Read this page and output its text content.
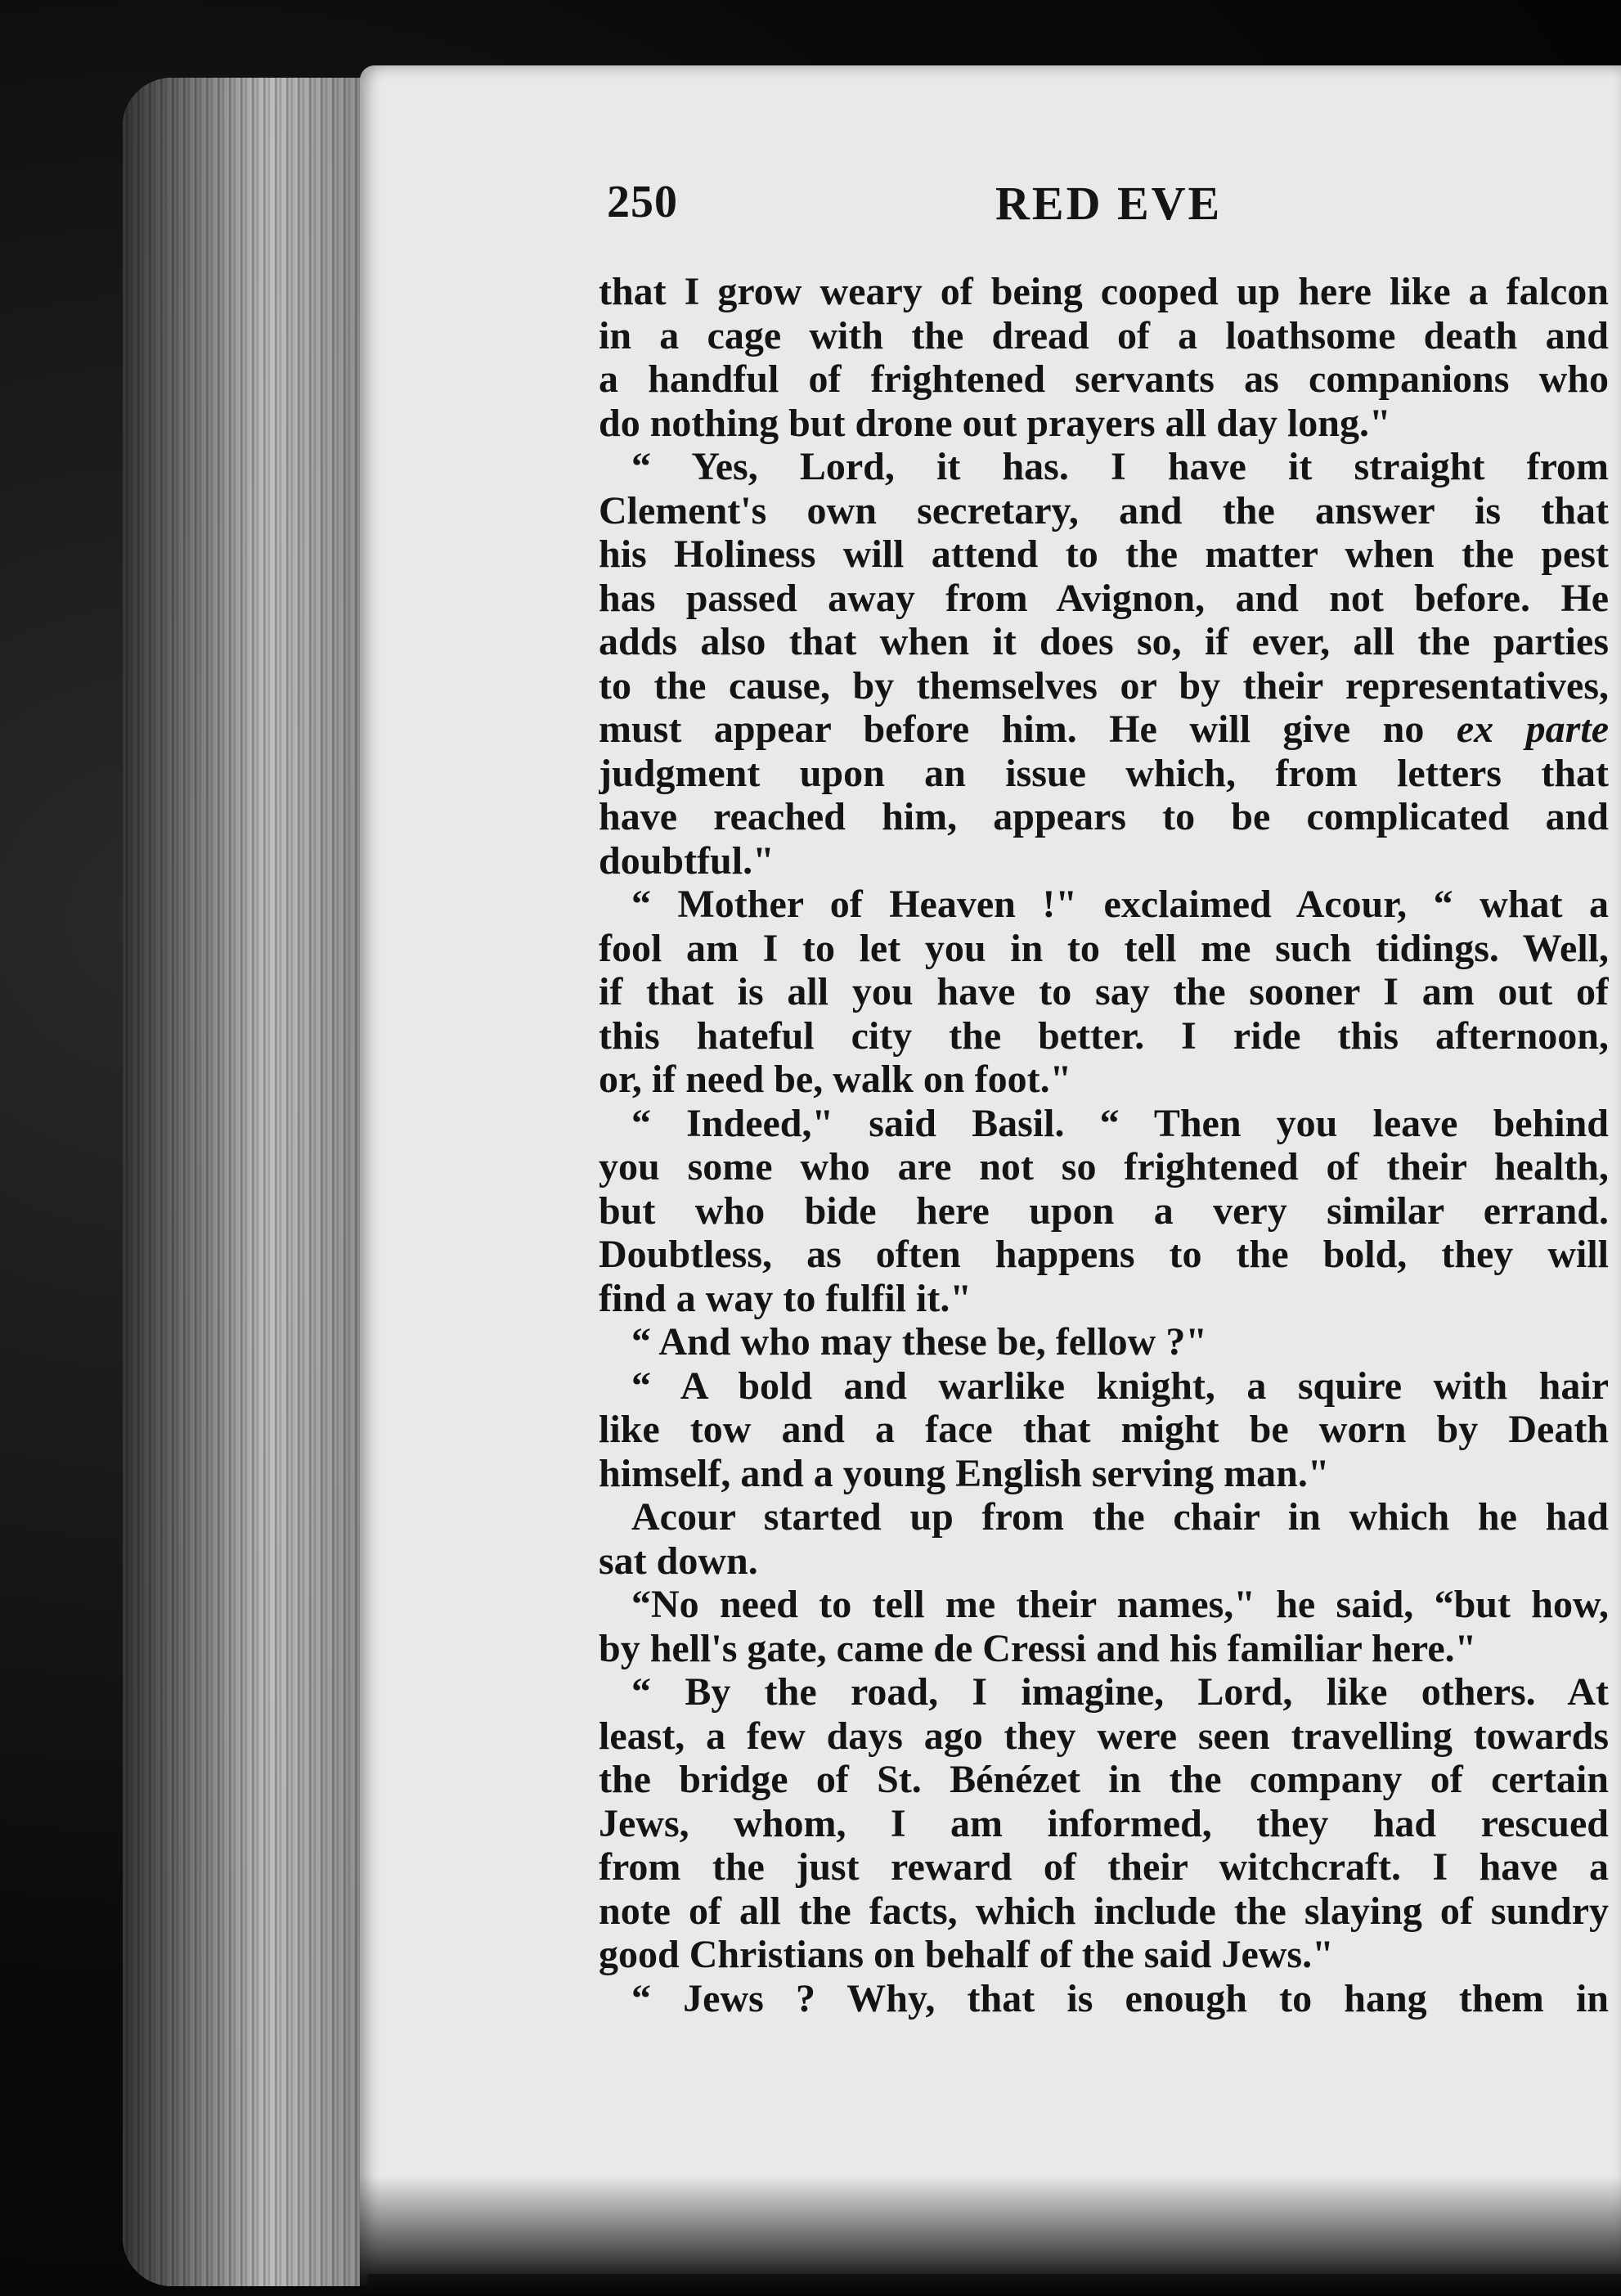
250	RED EVE
that I grow weary of being cooped up here like a falcon
in a cage with the dread of a loathsome death and
a handful of frightened servants as companions who
do nothing but drone out prayers all day long."
“ Yes, Lord, it has. I have it straight from
Clement's own secretary, and the answer is that
his Holiness will attend to the matter when the pest
has passed away from Avignon, and not before. He
adds also that when it does so, if ever, all the parties
to the cause, by themselves or by their representatives,
must appear before him. He will give no ex parte
judgment upon an issue which, from letters that
have reached him, appears to be complicated and
doubtful."
“ Mother of Heaven !" exclaimed Acour, “ what a
fool am I to let you in to tell me such tidings. Well,
if that is all you have to say the sooner I am out of
this hateful city the better. I ride this afternoon,
or, if need be, walk on foot."
“ Indeed," said Basil. “ Then you leave behind
you some who are not so frightened of their health,
but who bide here upon a very similar errand.
Doubtless, as often happens to the bold, they will
find a way to fulfil it."
“ And who may these be, fellow ?"
“ A bold and warlike knight, a squire with hair
like tow and a face that might be worn by Death
himself, and a young English serving man."
Acour started up from the chair in which he had
sat down.
“No need to tell me their names," he said, “but how,
by hell's gate, came de Cressi and his familiar here."
“ By the road, I imagine, Lord, like others. At
least, a few days ago they were seen travelling towards
the bridge of St. Bénézet in the company of certain
Jews, whom, I am informed, they had rescued
from the just reward of their witchcraft. I have a
note of all the facts, which include the slaying of sundry
good Christians on behalf of the said Jews."
“ Jews ? Why, that is enough to hang them in
